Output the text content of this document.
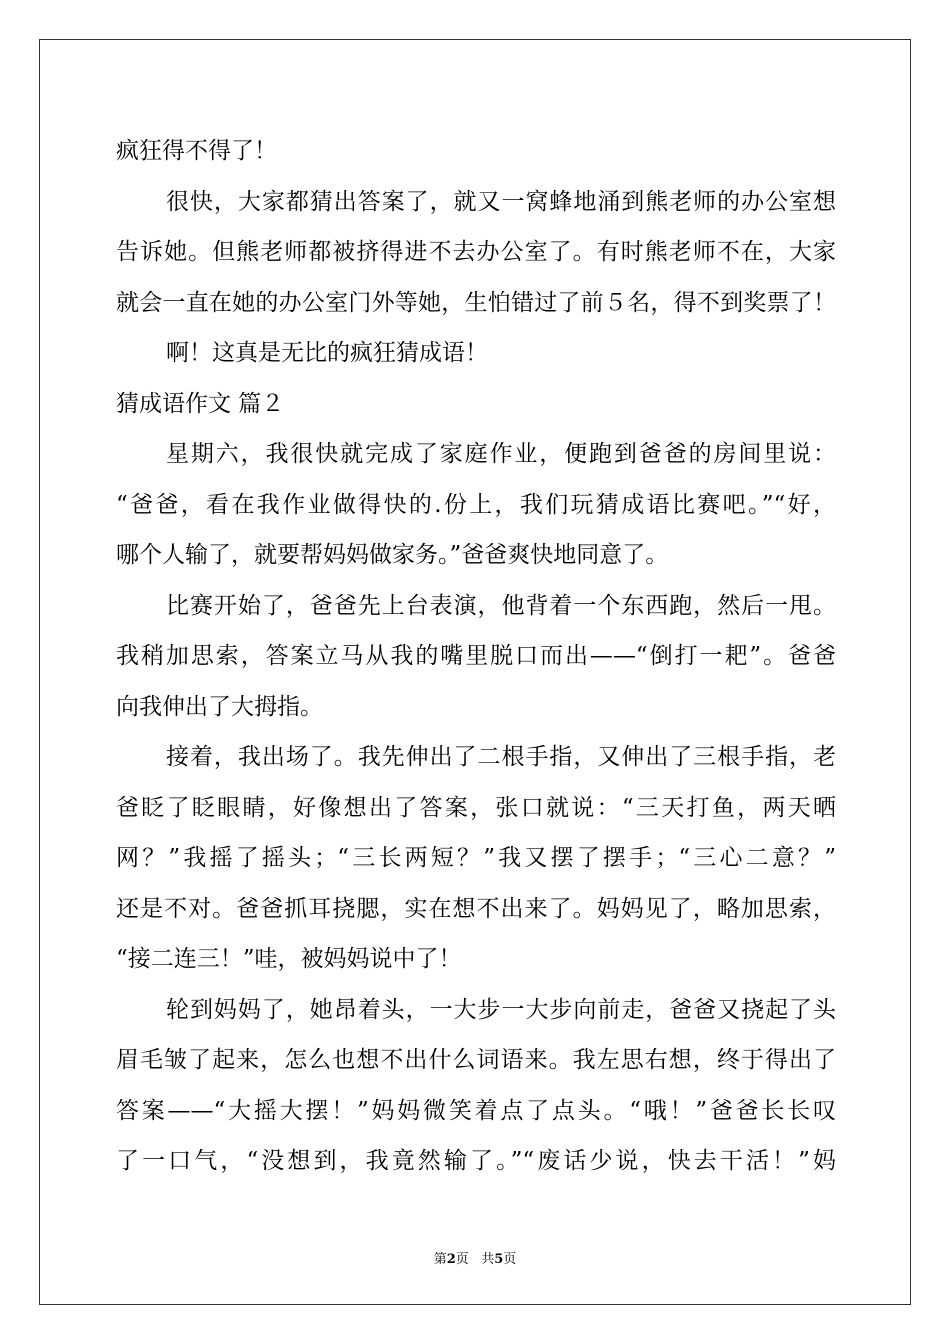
疯狂得不得了！
很快，大家都猜出答案了，就又一窝蜂地涌到熊老师的办公室想
告诉她。但熊老师都被挤得进不去办公室了。有时熊老师不在，大家
就会一直在她的办公室门外等她，生怕错过了前５名，得不到奖票了！
啊！这真是无比的疯狂猜成语！
猜成语作文 篇２
星期六，我很快就完成了家庭作业，便跑到爸爸的房间里说：
“爸爸，看在我作业做得快的.份上，我们玩猜成语比赛吧。”“好，
哪个人输了，就要帮妈妈做家务。”爸爸爽快地同意了。
比赛开始了，爸爸先上台表演，他背着一个东西跑，然后一甩。
我稍加思索，答案立马从我的嘴里脱口而出——“倒打一耙”。爸爸
向我伸出了大拇指。
接着，我出场了。我先伸出了二根手指，又伸出了三根手指，老
爸眨了眨眼睛，好像想出了答案，张口就说：“三天打鱼，两天晒
网？”我摇了摇头；“三长两短？”我又摆了摆手；“三心二意？”
还是不对。爸爸抓耳挠腮，实在想不出来了。妈妈见了，略加思索，
“接二连三！”哇，被妈妈说中了！
轮到妈妈了，她昂着头，一大步一大步向前走，爸爸又挠起了头
眉毛皱了起来，怎么也想不出什么词语来。我左思右想，终于得出了
答案——“大摇大摆！”妈妈微笑着点了点头。“哦！”爸爸长长叹
了一口气，“没想到，我竟然输了。”“废话少说，快去干活！”妈
第2页 共5页
